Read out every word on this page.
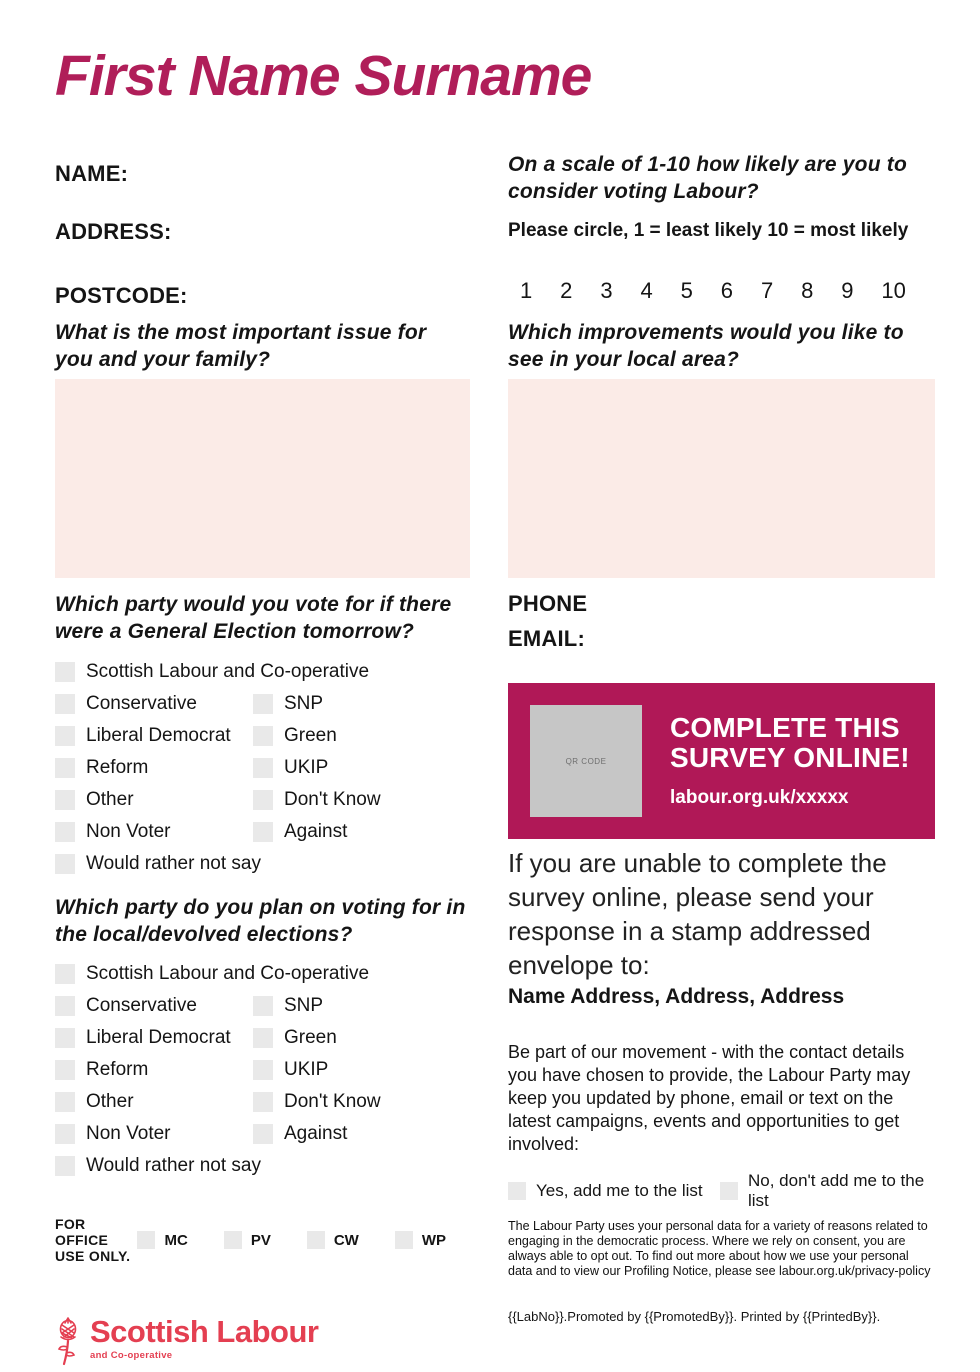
First Name Surname
NAME:
ADDRESS:
POSTCODE:
What is the most important issue for you and your family?
Which party would you vote for if there were a General Election tomorrow?
Scottish Labour and Co-operative
Conservative	SNP
Liberal Democrat	Green
Reform	UKIP
Other	Don't Know
Non Voter	Against
Would rather not say
Which party do you plan on voting for in the local/devolved elections?
Scottish Labour and Co-operative
Conservative	SNP
Liberal Democrat	Green
Reform	UKIP
Other	Don't Know
Non Voter	Against
Would rather not say
FOR OFFICE USE ONLY.
MC	PV	CW	WP
Scottish Labour
and Co-operative
On a scale of 1-10 how likely are you to consider voting Labour?
Please circle, 1 = least likely 10 = most likely
1 2 3 4 5 6 7 8 9 10
Which improvements would you like to see in your local area?
PHONE
EMAIL:
QR CODE
COMPLETE THIS SURVEY ONLINE!
labour.org.uk/xxxxx
If you are unable to complete the survey online, please send your response in a stamp addressed envelope to:
Name Address, Address, Address
Be part of our movement - with the contact details you have chosen to provide, the Labour Party may keep you updated by phone, email or text on the latest campaigns, events and opportunities to get involved:
Yes, add me to the list
No, don't add me to the list
The Labour Party uses your personal data for a variety of reasons related to engaging in the democratic process. Where we rely on consent, you are always able to opt out. To find out more about how we use your personal data and to view our Profiling Notice, please see labour.org.uk/privacy-policy
{{LabNo}}.Promoted by {{PromotedBy}}. Printed by {{PrintedBy}}.
